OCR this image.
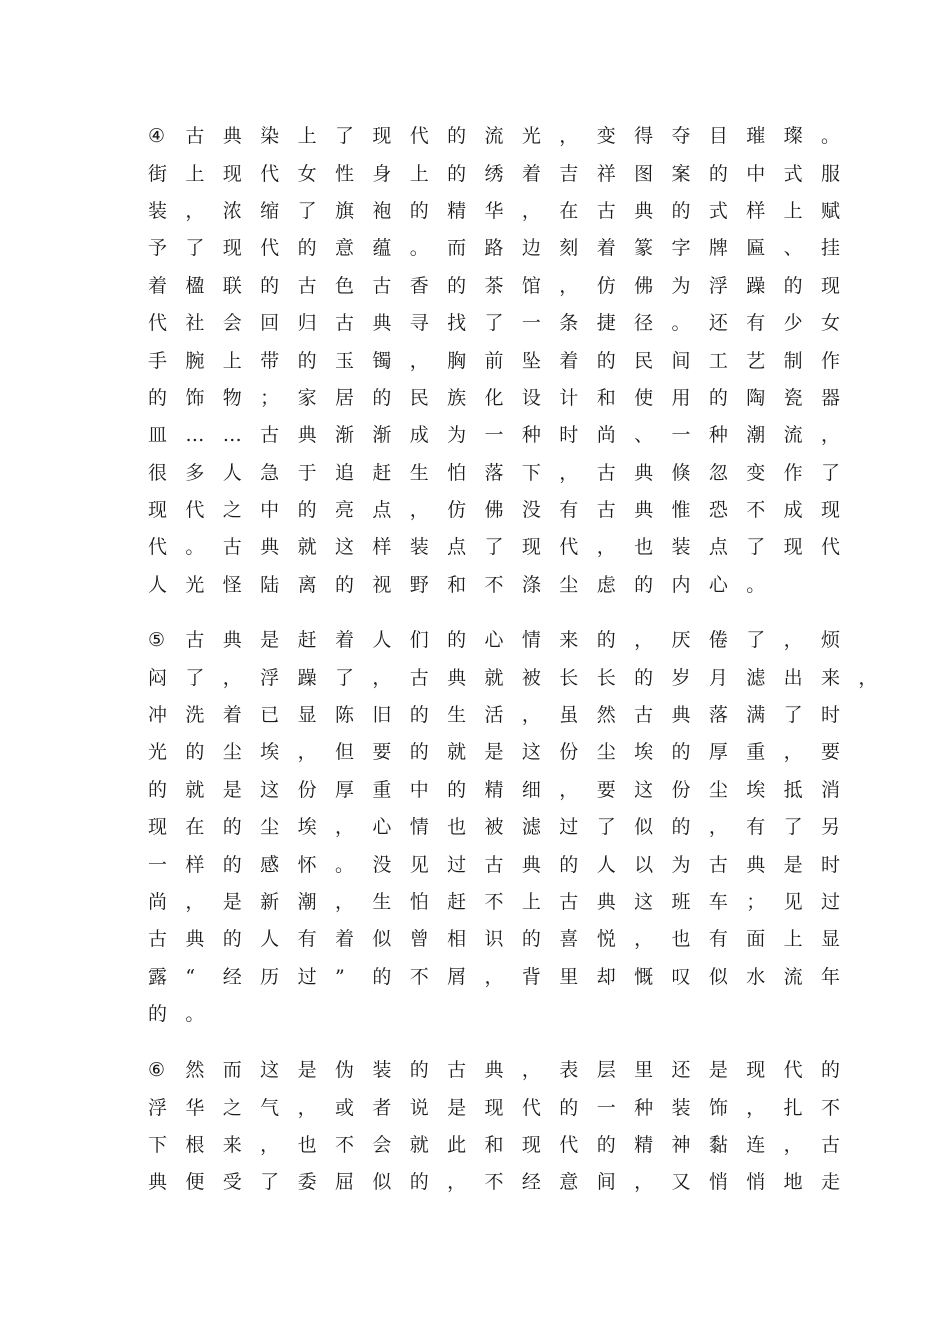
④	古 典 染 上 了 现 代 的 流 光 ， 变 得 夺 目 璀 璨 。
街 上 现 代 女 性 身 上 的 绣 着 吉 祥 图 案 的 中 式 服
装 ， 浓 缩 了 旗 袍 的 精 华 ， 在 古 典 的 式 样 上 赋
予 了 现 代 的 意 蕴 。 而 路 边 刻 着 篆 字 牌 匾 、 挂
着 楹 联 的 古 色 古 香 的 茶 馆 ， 仿 佛 为 浮 躁 的 现
代 社 会 回 归 古 典 寻 找 了 一 条 捷 径 。 还 有 少 女
手 腕 上 带 的 玉 镯 ， 胸 前 坠 着 的 民 间 工 艺 制 作
的 饰 物 ； 家 居 的 民 族 化 设 计 和 使 用 的 陶 瓷 器
皿 … … 古 典 渐 渐 成 为 一 种 时 尚 、 一 种 潮 流 ，
很 多 人 急 于 追 赶 生 怕 落 下 ， 古 典 倏 忽 变 作 了
现 代 之 中 的 亮 点 ， 仿 佛 没 有 古 典 惟 恐 不 成 现
代 。 古 典 就 这 样 装 点 了 现 代 ， 也 装 点 了 现 代
人 光 怪 陆 离 的 视 野 和 不 涤 尘 虑 的 内 心 。
⑤	古 典 是 赶 着 人 们 的 心 情 来 的 ， 厌 倦 了 ， 烦
闷 了 ， 浮 躁 了 ， 古 典 就 被 长 长 的 岁 月 滤 出 来 ，
冲 洗 着 已 显 陈 旧 的 生 活 ， 虽 然 古 典 落 满 了 时
光 的 尘 埃 ， 但 要 的 就 是 这 份 尘 埃 的 厚 重 ， 要
的 就 是 这 份 厚 重 中 的 精 细 ， 要 这 份 尘 埃 抵 消
现 在 的 尘 埃 ， 心 情 也 被 滤 过 了 似 的 ， 有 了 另
一 样 的 感 怀 。 没 见 过 古 典 的 人 以 为 古 典 是 时
尚 ， 是 新 潮 ， 生 怕 赶 不 上 古 典 这 班 车 ； 见 过
古 典 的 人 有 着 似 曾 相 识 的 喜 悦 ， 也 有 面 上 显
露 “	经 历 过 ”	的 不 屑 ， 背 里 却 慨 叹 似 水 流 年
的 。
⑥	然 而 这 是 伪 装 的 古 典 ， 表 层 里 还 是 现 代 的
浮 华 之 气 ， 或 者 说 是 现 代 的 一 种 装 饰 ， 扎 不
下 根 来 ， 也 不 会 就 此 和 现 代 的 精 神 黏 连 ， 古
典 便 受 了 委 屈 似 的 ， 不 经 意 间 ， 又 悄 悄 地 走
